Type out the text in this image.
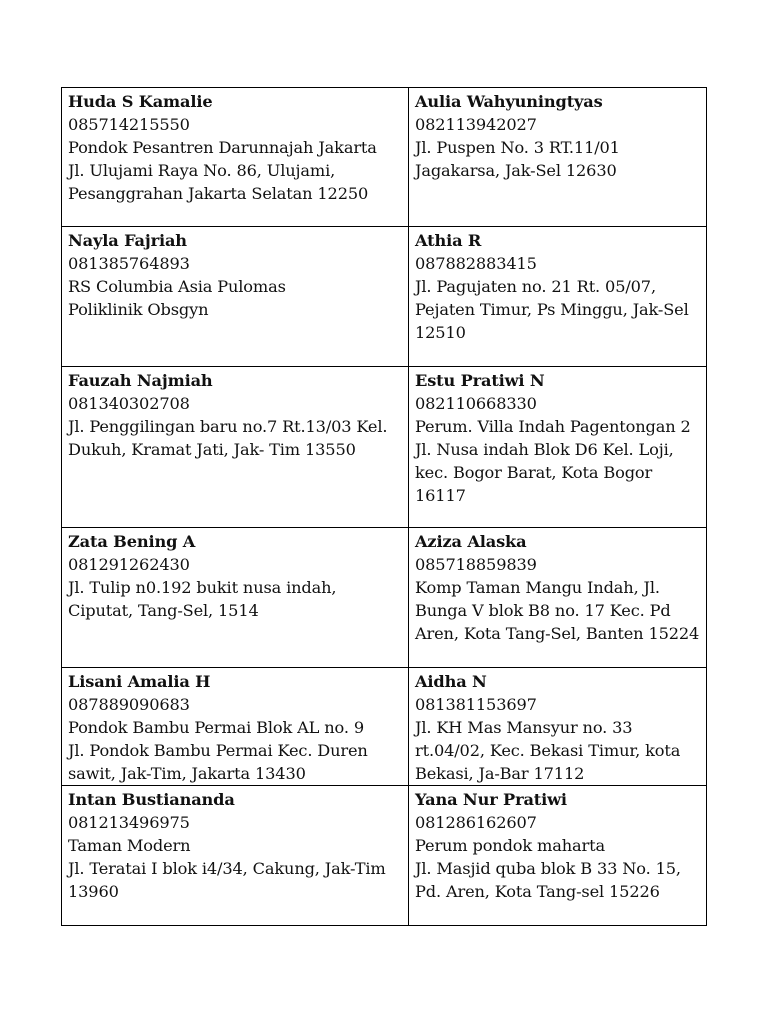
Huda S Kamalie
085714215550
Pondok Pesantren Darunnajah Jakarta
Jl. Ulujami Raya No. 86, Ulujami, Pesanggrahan Jakarta Selatan 12250	Aulia Wahyuningtyas
082113942027
Jl. Puspen No. 3 RT.11/01 Jagakarsa, Jak-Sel 12630

Nayla Fajriah
081385764893
RS Columbia Asia Pulomas
Poliklinik Obsgyn	Athia R
087882883415
Jl. Pagujaten no. 21 Rt. 05/07, Pejaten Timur, Ps Minggu, Jak-Sel 12510

Fauzah Najmiah
081340302708
Jl. Penggilingan baru no.7 Rt.13/03 Kel. Dukuh, Kramat Jati, Jak- Tim 13550	Estu Pratiwi N
082110668330
Perum. Villa Indah Pagentongan 2
Jl. Nusa indah Blok D6 Kel. Loji, kec. Bogor Barat, Kota Bogor 16117

Zata Bening A
081291262430
Jl. Tulip n0.192 bukit nusa indah, Ciputat, Tang-Sel, 1514	Aziza Alaska
085718859839
Komp Taman Mangu Indah, Jl. Bunga V blok B8 no. 17 Kec. Pd Aren, Kota Tang-Sel, Banten 15224

Lisani Amalia H
087889090683
Pondok Bambu Permai Blok AL no. 9
Jl. Pondok Bambu Permai Kec. Duren sawit, Jak-Tim, Jakarta 13430	Aidha N
081381153697
Jl. KH Mas Mansyur no. 33 rt.04/02, Kec. Bekasi Timur, kota Bekasi, Ja-Bar 17112

Intan Bustiananda
081213496975
Taman Modern
Jl. Teratai I blok i4/34, Cakung, Jak-Tim 13960	Yana Nur Pratiwi
081286162607
Perum pondok maharta
Jl. Masjid quba blok B 33 No. 15, Pd. Aren, Kota Tang-sel 15226
